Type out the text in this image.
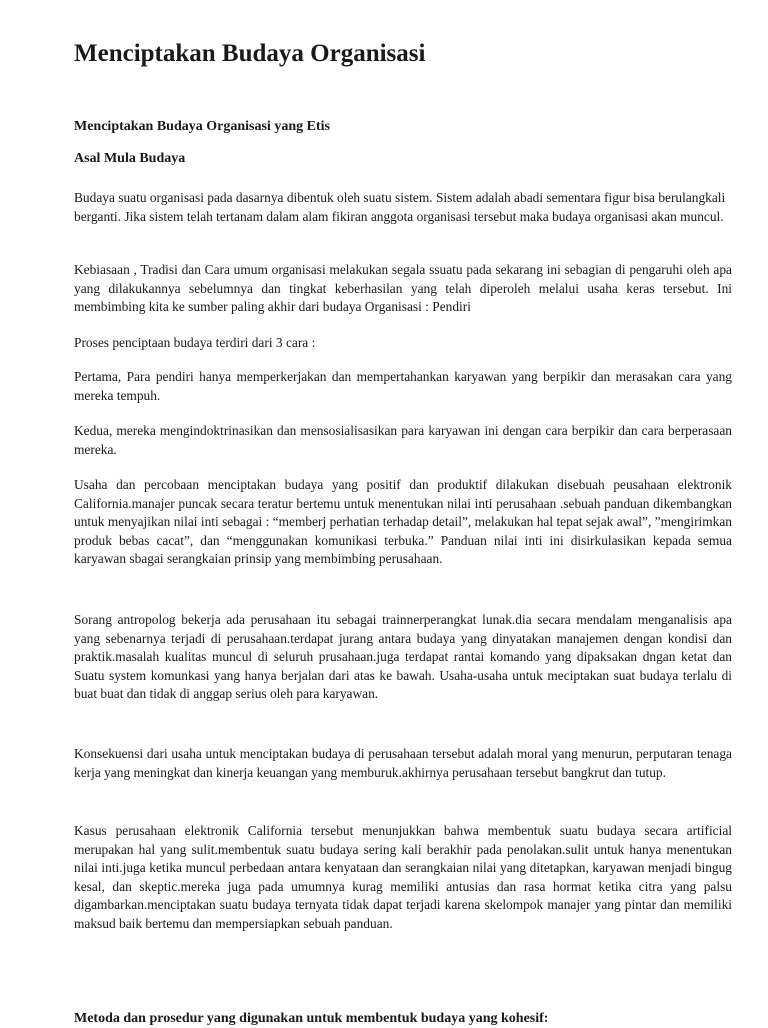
Menciptakan Budaya Organisasi
Menciptakan Budaya Organisasi yang Etis
Asal Mula Budaya

Budaya suatu organisasi pada dasarnya dibentuk oleh suatu sistem. Sistem adalah abadi sementara figur bisa berulangkali berganti. Jika sistem telah tertanam dalam alam fikiran anggota organisasi tersebut maka budaya organisasi akan muncul.

Kebiasaan , Tradisi dan Cara umum organisasi melakukan segala ssuatu pada sekarang ini sebagian di pengaruhi oleh apa yang dilakukannya sebelumnya dan tingkat keberhasilan yang telah diperoleh melalui usaha keras tersebut. Ini membimbing kita ke sumber paling akhir dari budaya Organisasi : Pendiri

Proses penciptaan budaya terdiri dari 3 cara :

Pertama, Para pendiri hanya memperkerjakan dan mempertahankan karyawan yang berpikir dan merasakan cara yang mereka tempuh.

Kedua, mereka mengindoktrinasikan dan mensosialisasikan para karyawan ini dengan cara berpikir dan cara berperasaan mereka.

Usaha dan percobaan menciptakan budaya yang positif dan produktif dilakukan disebuah peusahaan elektronik California.manajer puncak secara teratur bertemu untuk menentukan nilai inti perusahaan .sebuah panduan dikembangkan untuk menyajikan nilai inti sebagai : “memberj perhatian terhadap detail”, melakukan hal tepat sejak awal”, ”mengirimkan produk bebas cacat”, dan “menggunakan komunikasi terbuka.” Panduan nilai inti ini disirkulasikan kepada semua karyawan sbagai serangkaian prinsip yang membimbing perusahaan.

Sorang antropolog bekerja ada perusahaan itu sebagai trainnerperangkat lunak.dia secara mendalam menganalisis apa yang sebenarnya terjadi di perusahaan.terdapat jurang antara budaya yang dinyatakan manajemen dengan kondisi dan praktik.masalah kualitas muncul di seluruh prusahaan.juga terdapat rantai komando yang dipaksakan dngan ketat dan Suatu system komunkasi yang hanya berjalan dari atas ke bawah. Usaha-usaha untuk meciptakan suat budaya terlalu di buat buat dan tidak di anggap serius oleh para karyawan.

Konsekuensi dari usaha untuk menciptakan budaya di perusahaan tersebut adalah moral yang menurun, perputaran tenaga kerja yang meningkat dan kinerja keuangan yang memburuk.akhirnya perusahaan tersebut bangkrut dan tutup.

Kasus perusahaan elektronik California tersebut menunjukkan bahwa membentuk suatu budaya secara artificial merupakan hal yang sulit.membentuk suatu budaya sering kali berakhir pada penolakan.sulit untuk hanya menentukan nilai inti.juga ketika muncul perbedaan antara kenyataan dan serangkaian nilai yang ditetapkan, karyawan menjadi bingug kesal, dan skeptic.mereka juga pada umumnya kurag memiliki antusias dan rasa hormat ketika citra yang palsu digambarkan.menciptakan suatu budaya ternyata tidak dapat terjadi karena skelompok manajer yang pintar dan memiliki maksud baik bertemu dan mempersiapkan sebuah panduan.

Metoda dan prosedur yang digunakan untuk membentuk budaya yang kohesif:
